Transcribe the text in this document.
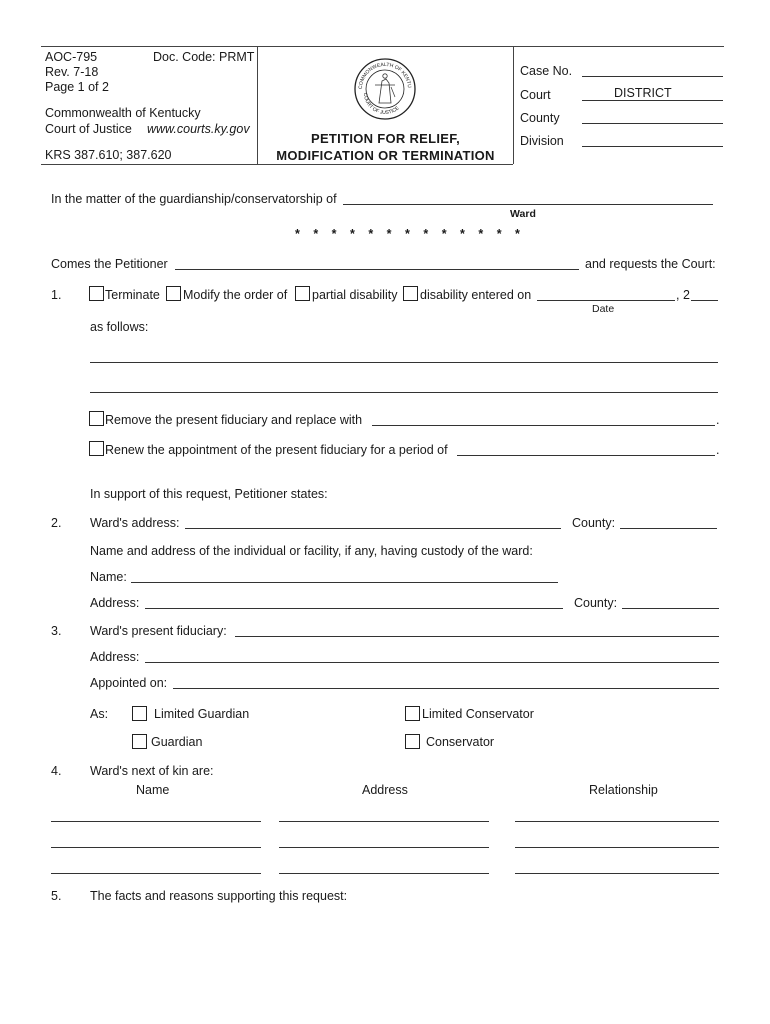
AOC-795	Doc. Code: PRMT
Rev. 7-18
Page 1 of 2
Commonwealth of Kentucky
Court of Justice www.courts.ky.gov
KRS 387.610; 387.620
COMMONWEALTH OF KENTU
COURT OF JUSTICE
PETITION FOR RELIEF,
MODIFICATION OR TERMINATION
Case No.
Court	DISTRICT
County
Division
In the matter of the guardianship/conservatorship of
Ward
* * * * * * * * * * * * *
Comes the Petitioner	and requests the Court:
1.	Terminate Modify the order of partial disability disability entered on	, 2
Date
as follows:
Remove the present fiduciary and replace with	.
Renew the appointment of the present fiduciary for a period of	.
In support of this request, Petitioner states:
2. Ward's address:	County:
Name and address of the individual or facility, if any, having custody of the ward:
Name:
Address:	County:
3. Ward's present fiduciary:
Address:
Appointed on:
As:	Limited Guardian	Limited Conservator
Guardian	Conservator
4. Ward's next of kin are:
Name	Address	Relationship
5. The facts and reasons supporting this request:
